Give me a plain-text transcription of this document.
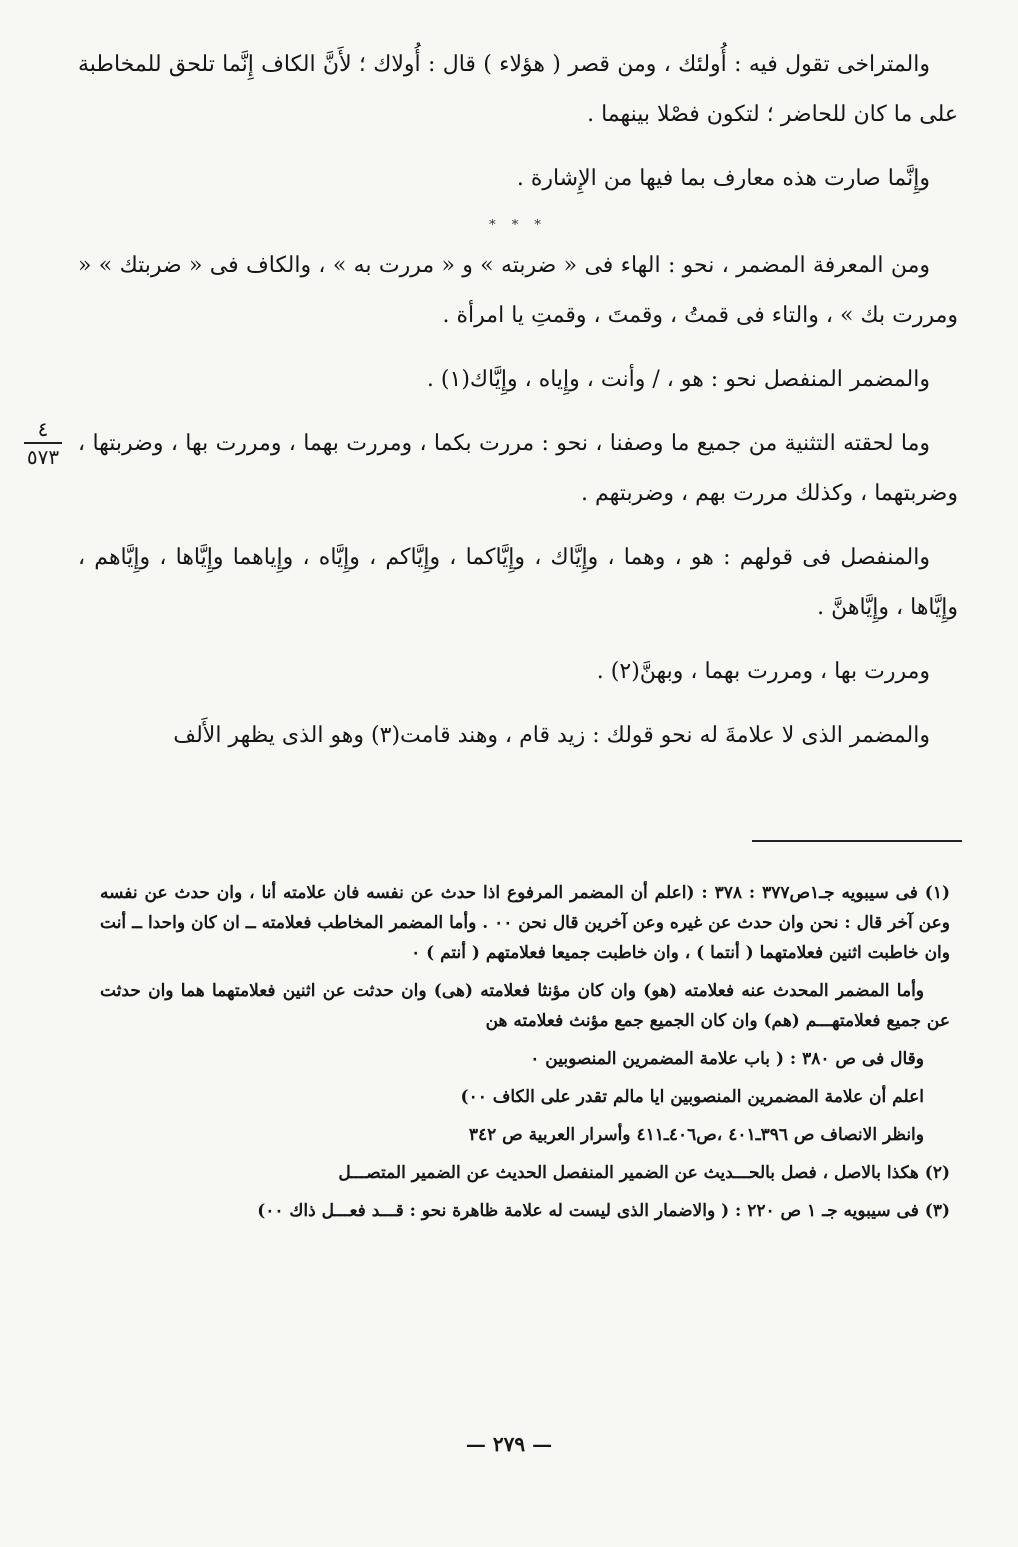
والمتراخى تقول فيه : أُولئك ، ومن قصر ( هؤلاء ) قال : أُولاك ؛ لأَنَّ الكاف إِنَّما تلحق للمخاطبة على ما كان للحاضر ؛ لتكون فصْلا بينهما .

وإِنَّما صارت هذه معارف بما فيها من الإِشارة .

* * *

ومن المعرفة المضمر ، نحو : الهاء فى « ضربته » و « مررت به » ، والكاف فى « ضربتك » « ومررت بك » ، والتاء فى قمتُ ، وقمتَ ، وقمتِ يا امرأة .

والمضمر المنفصل نحو : هو ، / وأنت ، وإِياه ، وإِيَّاك(١) .

وما لحقته التثنية من جميع ما وصفنا ، نحو : مررت بكما ، ومررت بهما ، ومررت بها ، وضربتها ، وضربتهما ، وكذلك مررت بهم ، وضربتهم .

والمنفصل فى قولهم : هو ، وهما ، وإِيَّاك ، وإِيَّاكما ، وإِيَّاكم ، وإِيَّاه ، وإِياهما وإِيَّاها ، وإِيَّاهم ، وإِيَّاها ، وإِيَّاهنَّ .

ومررت بها ، ومررت بهما ، وبهنَّ(٢) .

والمضمر الذى لا علامةَ له نحو قولك : زيد قام ، وهند قامت(٣) وهو الذى يظهر الأَلف

٤
٥٧٣

(١) فى سيبويه جـ١ص٣٧٧ : ٣٧٨ : (اعلم أن المضمر المرفوع اذا حدث عن نفسه فان علامته أنا ، وان حدث عن نفسه وعن آخر قال : نحن وان حدث عن غيره وعن آخرين قال نحن ٠٠ . وأما المضمر المخاطب فعلامته ــ ان كان واحدا ــ أنت وان خاطبت اثنين فعلامتهما ( أنتما ) ، وان خاطبت جميعا فعلامتهم ( أنتم ) ٠

وأما المضمر المحدث عنه فعلامته (هو) وان كان مؤنثا فعلامته (هى) وان حدثت عن اثنين فعلامتهما هما وان حدثت عن جميع فعلامتهـــم (هم) وان كان الجميع جمع مؤنث فعلامته هن

وقال فى ص ٣٨٠ : ( باب علامة المضمرين المنصوبين ٠

اعلم أن علامة المضمرين المنصوبين ايا مالم تقدر على الكاف ٠٠)

وانظر الانصاف ص ٣٩٦ـ٤٠١ ،ص٤٠٦ـ٤١١ وأسرار العربية ص ٣٤٢

(٢) هكذا بالاصل ، فصل بالحـــديث عن الضمير المنفصل الحديث عن الضمير المتصـــل

(٣) فى سيبويه جـ ١ ص ٢٢٠ : ( والاضمار الذى ليست له علامة ظاهرة نحو : قـــد فعـــل ذاك ٠٠)

— ٢٧٩ —
